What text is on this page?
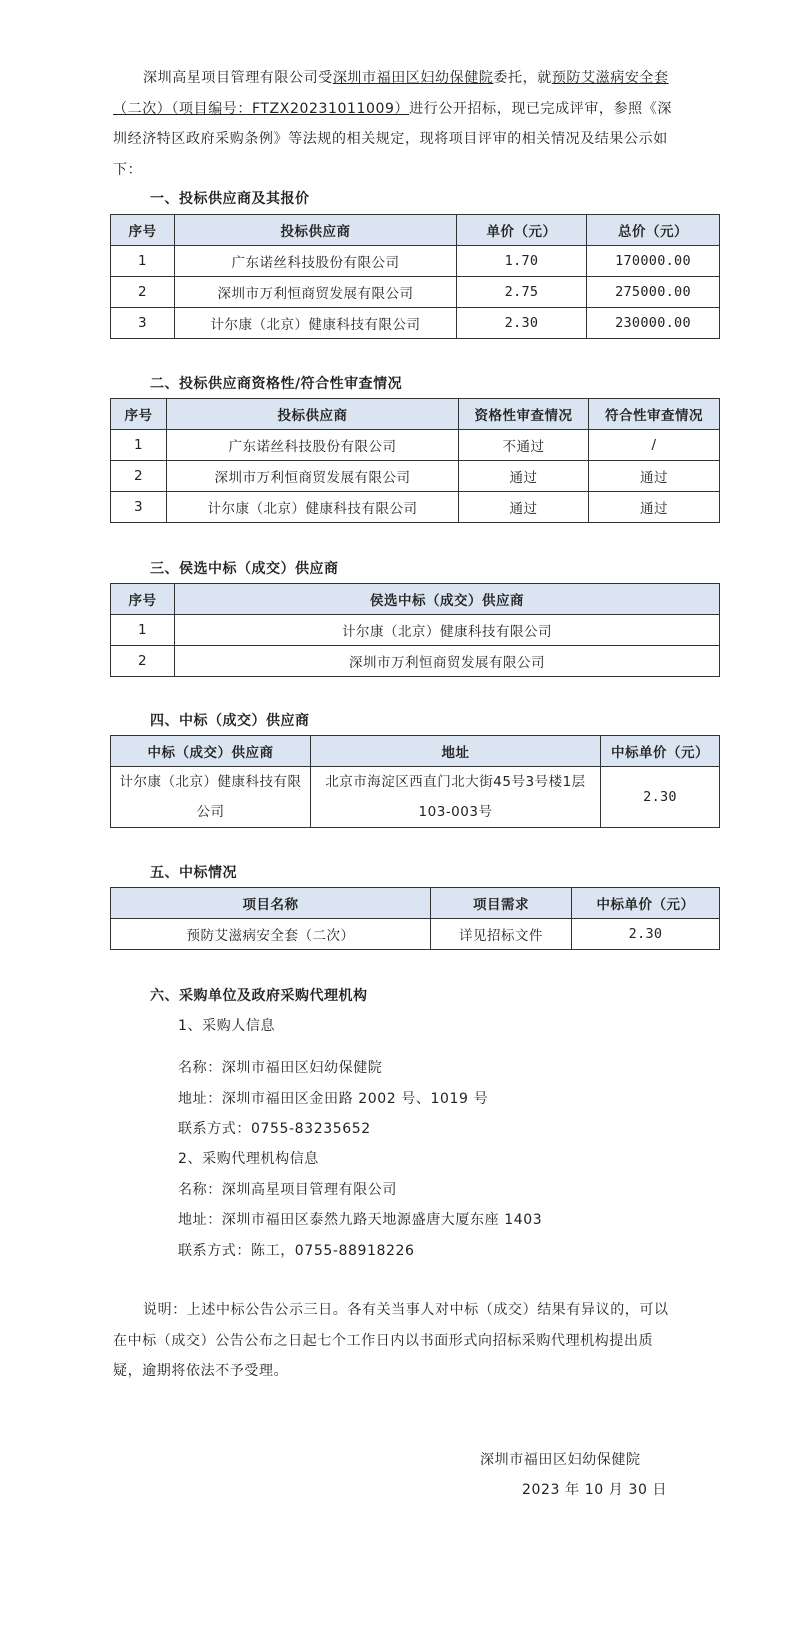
深圳高星项目管理有限公司受深圳市福田区妇幼保健院委托，就预防艾滋病安全套（二次）（项目编号：FTZX20231011009）进行公开招标，现已完成评审，参照《深圳经济特区政府采购条例》等法规的相关规定，现将项目评审的相关情况及结果公示如下：
一、投标供应商及其报价
序号	投标供应商	单价（元）	总价（元）
1	广东诺丝科技股份有限公司	1.70	170000.00
2	深圳市万利恒商贸发展有限公司	2.75	275000.00
3	计尔康（北京）健康科技有限公司	2.30	230000.00
二、投标供应商资格性/符合性审查情况
序号	投标供应商	资格性审查情况	符合性审查情况
1	广东诺丝科技股份有限公司	不通过	/
2	深圳市万利恒商贸发展有限公司	通过	通过
3	计尔康（北京）健康科技有限公司	通过	通过
三、侯选中标（成交）供应商
序号	侯选中标（成交）供应商
1	计尔康（北京）健康科技有限公司
2	深圳市万利恒商贸发展有限公司
四、中标（成交）供应商
中标（成交）供应商	地址	中标单价（元）
计尔康（北京）健康科技有限公司	北京市海淀区西直门北大街45号3号楼1层103-003号	2.30
五、中标情况
项目名称	项目需求	中标单价（元）
预防艾滋病安全套（二次）	详见招标文件	2.30
六、采购单位及政府采购代理机构
1、采购人信息
名称：深圳市福田区妇幼保健院
地址：深圳市福田区金田路 2002 号、1019 号
联系方式：0755-83235652
2、采购代理机构信息
名称：深圳高星项目管理有限公司
地址：深圳市福田区泰然九路天地源盛唐大厦东座 1403
联系方式：陈工，0755-88918226
说明：上述中标公告公示三日。各有关当事人对中标（成交）结果有异议的，可以在中标（成交）公告公布之日起七个工作日内以书面形式向招标采购代理机构提出质疑，逾期将依法不予受理。
深圳市福田区妇幼保健院
2023 年 10 月 30 日
